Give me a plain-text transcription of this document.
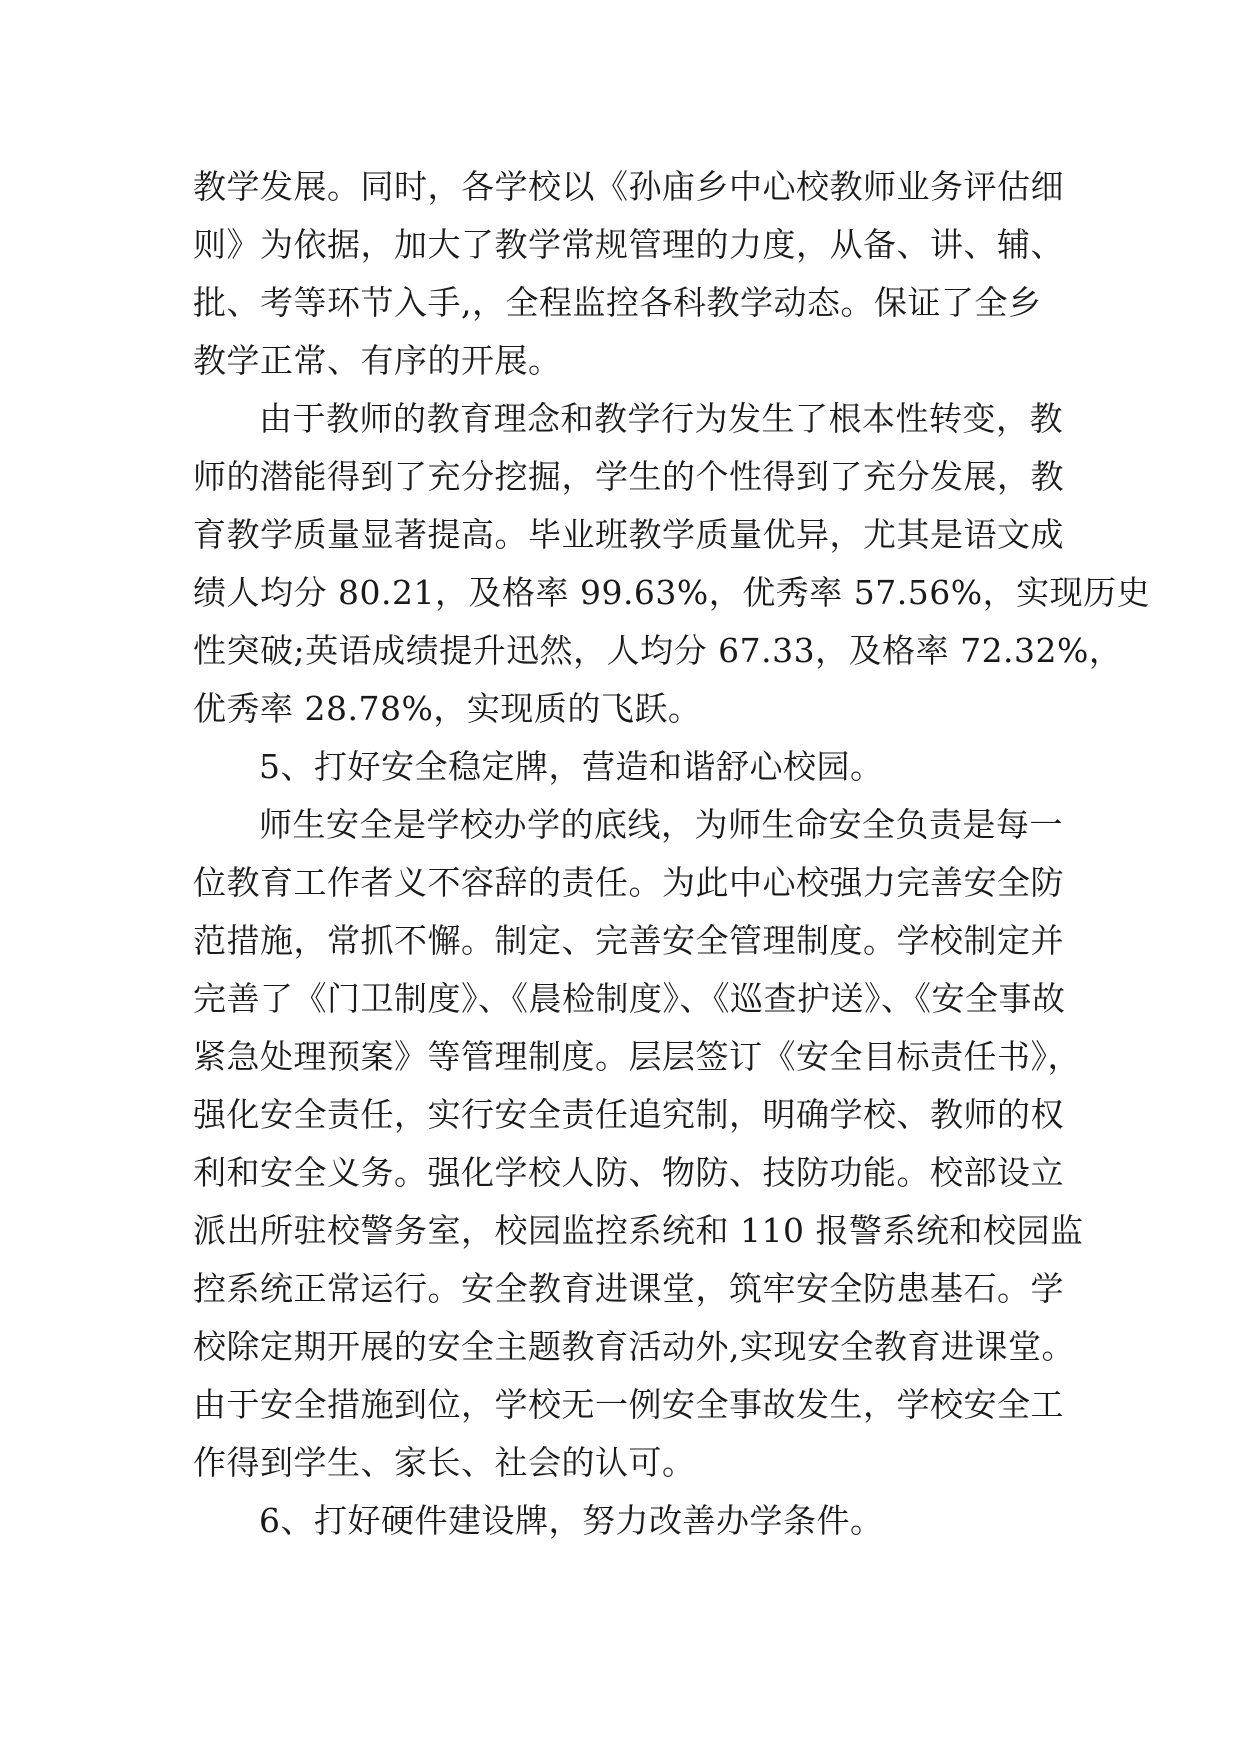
教学发展。同时，各学校以《孙庙乡中心校教师业务评估细
则》为依据，加大了教学常规管理的力度，从备、讲、辅、
批、考等环节入手,，全程监控各科教学动态。保证了全乡
教学正常、有序的开展。
由于教师的教育理念和教学行为发生了根本性转变，教
师的潜能得到了充分挖掘，学生的个性得到了充分发展，教
育教学质量显著提高。毕业班教学质量优异，尤其是语文成
绩人均分 80.21，及格率 99.63%，优秀率 57.56%，实现历史
性突破;英语成绩提升迅然，人均分 67.33，及格率 72.32%，
优秀率 28.78%，实现质的飞跃。
5、打好安全稳定牌，营造和谐舒心校园。
师生安全是学校办学的底线，为师生命安全负责是每一
位教育工作者义不容辞的责任。为此中心校强力完善安全防
范措施，常抓不懈。制定、完善安全管理制度。学校制定并
完善了《门卫制度》、《晨检制度》、《巡查护送》、《安全事故
紧急处理预案》等管理制度。层层签订《安全目标责任书》，
强化安全责任，实行安全责任追究制，明确学校、教师的权
利和安全义务。强化学校人防、物防、技防功能。校部设立
派出所驻校警务室，校园监控系统和 110 报警系统和校园监
控系统正常运行。安全教育进课堂，筑牢安全防患基石。学
校除定期开展的安全主题教育活动外,实现安全教育进课堂。
由于安全措施到位，学校无一例安全事故发生，学校安全工
作得到学生、家长、社会的认可。
6、打好硬件建设牌，努力改善办学条件。
